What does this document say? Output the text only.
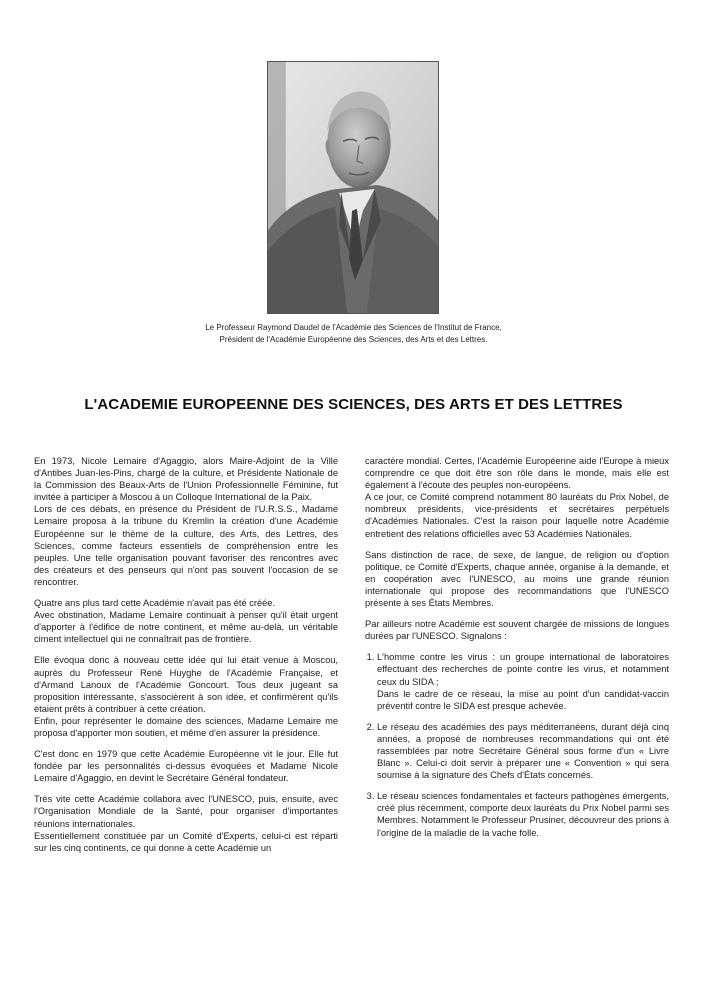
Le Professeur Raymond Daudel de l'Académie des Sciences de l'Institut de France,
Président de l'Académie Européenne des Sciences, des Arts et des Lettres.
L'ACADEMIE EUROPEENNE DES SCIENCES, DES ARTS ET DES LETTRES

En 1973, Nicole Lemaire d'Agaggio, alors Maire-Adjoint de la Ville d'Antibes Juan-les-Pins, chargé de la culture, et Présidente Nationale de la Commission des Beaux-Arts de l'Union Professionnelle Féminine, fut invitée à participer à Moscou à un Colloque International de la Paix.

Lors de ces débats, en présence du Président de l'U.R.S.S., Madame Lemaire proposa à la tribune du Kremlin la création d'une Académie Européenne sur le thème de la culture, des Arts, des Lettres, des Sciences, comme facteurs essentiels de compréhension entre les peuples. Une telle organisation pouvant favoriser des rencontres avec des créateurs et des penseurs qui n'ont pas souvent l'occasion de se rencontrer.

Quatre ans plus tard cette Académie n'avait pas été créée.

Avec obstination, Madame Lemaire continuait à penser qu'il était urgent d'apporter à l'édifice de notre continent, et même au-delà, un véritable ciment intellectuel qui ne connaîtrait pas de frontière.

Elle évoqua donc à nouveau cette idée qui lui était venue à Moscou, auprès du Professeur René Huyghe de l'Académie Française, et d'Armand Lanoux de l'Académie Goncourt. Tous deux jugeant sa proposition intéressante, s'associèrent à son idée, et confirmèrent qu'ils étaient prêts à contribuer à cette création.

Enfin, pour représenter le domaine des sciences, Madame Lemaire me proposa d'apporter mon soutien, et même d'en assurer la présidence.

C'est donc en 1979 que cette Académie Européenne vit le jour. Elle fut fondée par les personnalités ci-dessus évoquées et Madame Nicole Lemaire d'Agaggio, en devint le Secrétaire Général fondateur.

Très vite cette Académie collabora avec l'UNESCO, puis, ensuite, avec l'Organisation Mondiale de la Santé, pour organiser d'importantes réunions internationales.

Essentiellement constituée par un Comité d'Experts, celui-ci est réparti sur les cinq continents, ce qui donne à cette Académie un

caractère mondial. Certes, l'Académie Européenne aide l'Europe à mieux comprendre ce que doit être son rôle dans le monde, mais elle est également à l'écoute des peuples non-européens.

A ce jour, ce Comité comprend notamment 80 lauréats du Prix Nobel, de nombreux présidents, vice-présidents et secrétaires perpétuels d'Académies Nationales. C'est la raison pour laquelle notre Académie entretient des relations officielles avec 53 Académies Nationales.

Sans distinction de race, de sexe, de langue, de religion ou d'option politique, ce Comité d'Experts, chaque année, organise à la demande, et en coopération avec l'UNESCO, au moins une grande réunion internationale qui propose des recommandations que l'UNESCO présente à ses États Membres.

Par ailleurs notre Académie est souvent chargée de missions de longues durées par l'UNESCO. Signalons :

1. L'homme contre les virus : un groupe international de laboratoires effectuant des recherches de pointe contre les virus, et notamment ceux du SIDA ;

Dans le cadre de ce réseau, la mise au point d'un candidat-vaccin préventif contre le SIDA est presque achevée.

2. Le réseau des académies des pays méditerranéens, durant déjà cinq années, a proposé de nombreuses recommandations qui ont été rassemblées par notre Secrétaire Général sous forme d'un « Livre Blanc ». Celui-ci doit servir à préparer une « Convention » qui sera soumise à la signature des Chefs d'États concernés.

3. Le réseau sciences fondamentales et facteurs pathogènes émergents, créé plus récemment, comporte deux lauréats du Prix Nobel parmi ses Membres. Notamment le Professeur Prusiner, découvreur des prions à l'origine de la maladie de la vache folle.
